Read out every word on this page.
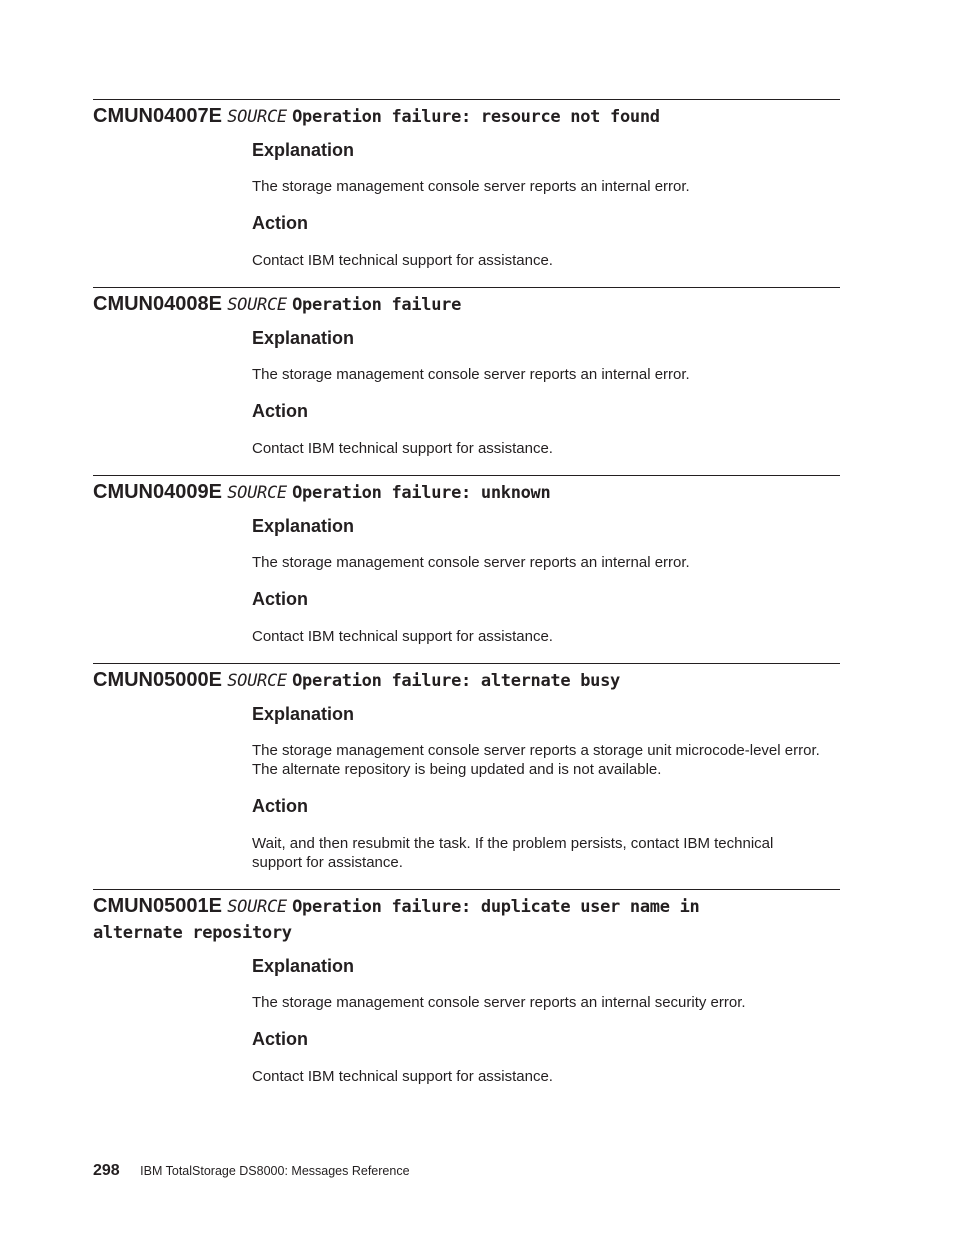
CMUN04007E SOURCE Operation failure: resource not found
Explanation

The storage management console server reports an internal error.

Action

Contact IBM technical support for assistance.

CMUN04008E SOURCE Operation failure
Explanation

The storage management console server reports an internal error.

Action

Contact IBM technical support for assistance.

CMUN04009E SOURCE Operation failure: unknown
Explanation

The storage management console server reports an internal error.

Action

Contact IBM technical support for assistance.

CMUN05000E SOURCE Operation failure: alternate busy
Explanation

The storage management console server reports a storage unit microcode-level error. The alternate repository is being updated and is not available.

Action

Wait, and then resubmit the task. If the problem persists, contact IBM technical support for assistance.

CMUN05001E SOURCE Operation failure: duplicate user name in alternate repository
Explanation

The storage management console server reports an internal security error.

Action

Contact IBM technical support for assistance.

298 IBM TotalStorage DS8000: Messages Reference
